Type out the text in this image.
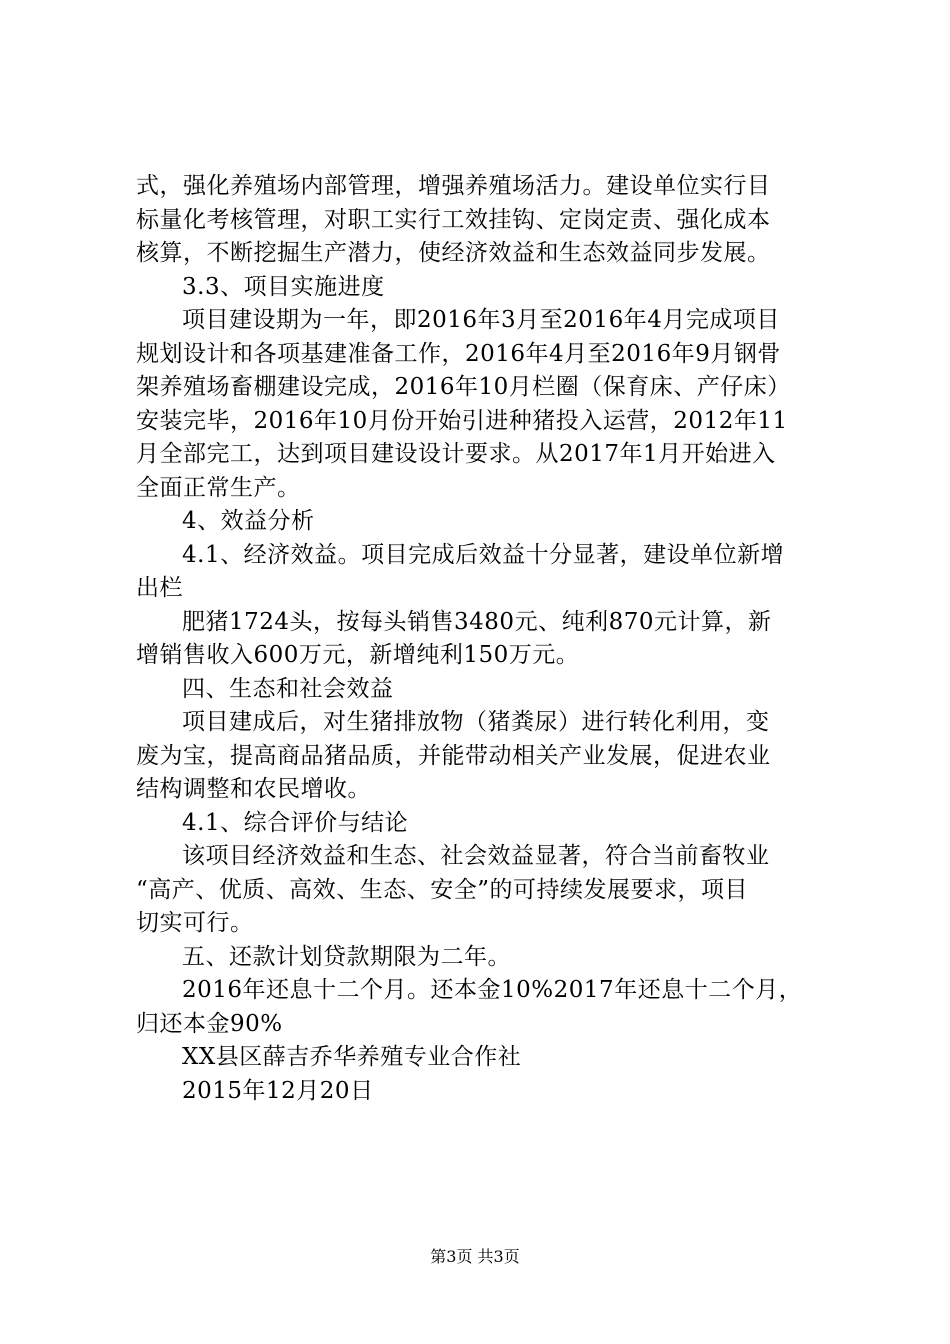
式，强化养殖场内部管理，增强养殖场活力。建设单位实行目
标量化考核管理，对职工实行工效挂钩、定岗定责、强化成本
核算，不断挖掘生产潜力，使经济效益和生态效益同步发展。
3.3、项目实施进度
项目建设期为一年，即2016年3月至2016年4月完成项目
规划设计和各项基建准备工作，2016年4月至2016年9月钢骨
架养殖场畜棚建设完成，2016年10月栏圈（保育床、产仔床）
安装完毕，2016年10月份开始引进种猪投入运营，2012年11
月全部完工，达到项目建设设计要求。从2017年1月开始进入
全面正常生产。
4、效益分析
4.1、经济效益。项目完成后效益十分显著，建设单位新增
出栏
肥猪1724头，按每头销售3480元、纯利870元计算，新
增销售收入600万元，新增纯利150万元。
四、生态和社会效益
项目建成后，对生猪排放物（猪粪尿）进行转化利用，变
废为宝，提高商品猪品质，并能带动相关产业发展，促进农业
结构调整和农民增收。
4.1、综合评价与结论
该项目经济效益和生态、社会效益显著，符合当前畜牧业
“高产、优质、高效、生态、安全”的可持续发展要求，项目
切实可行。
五、还款计划贷款期限为二年。
2016年还息十二个月。还本金10%2017年还息十二个月，
归还本金90%
XX县区薛吉乔华养殖专业合作社
2015年12月20日
第3页 共3页
